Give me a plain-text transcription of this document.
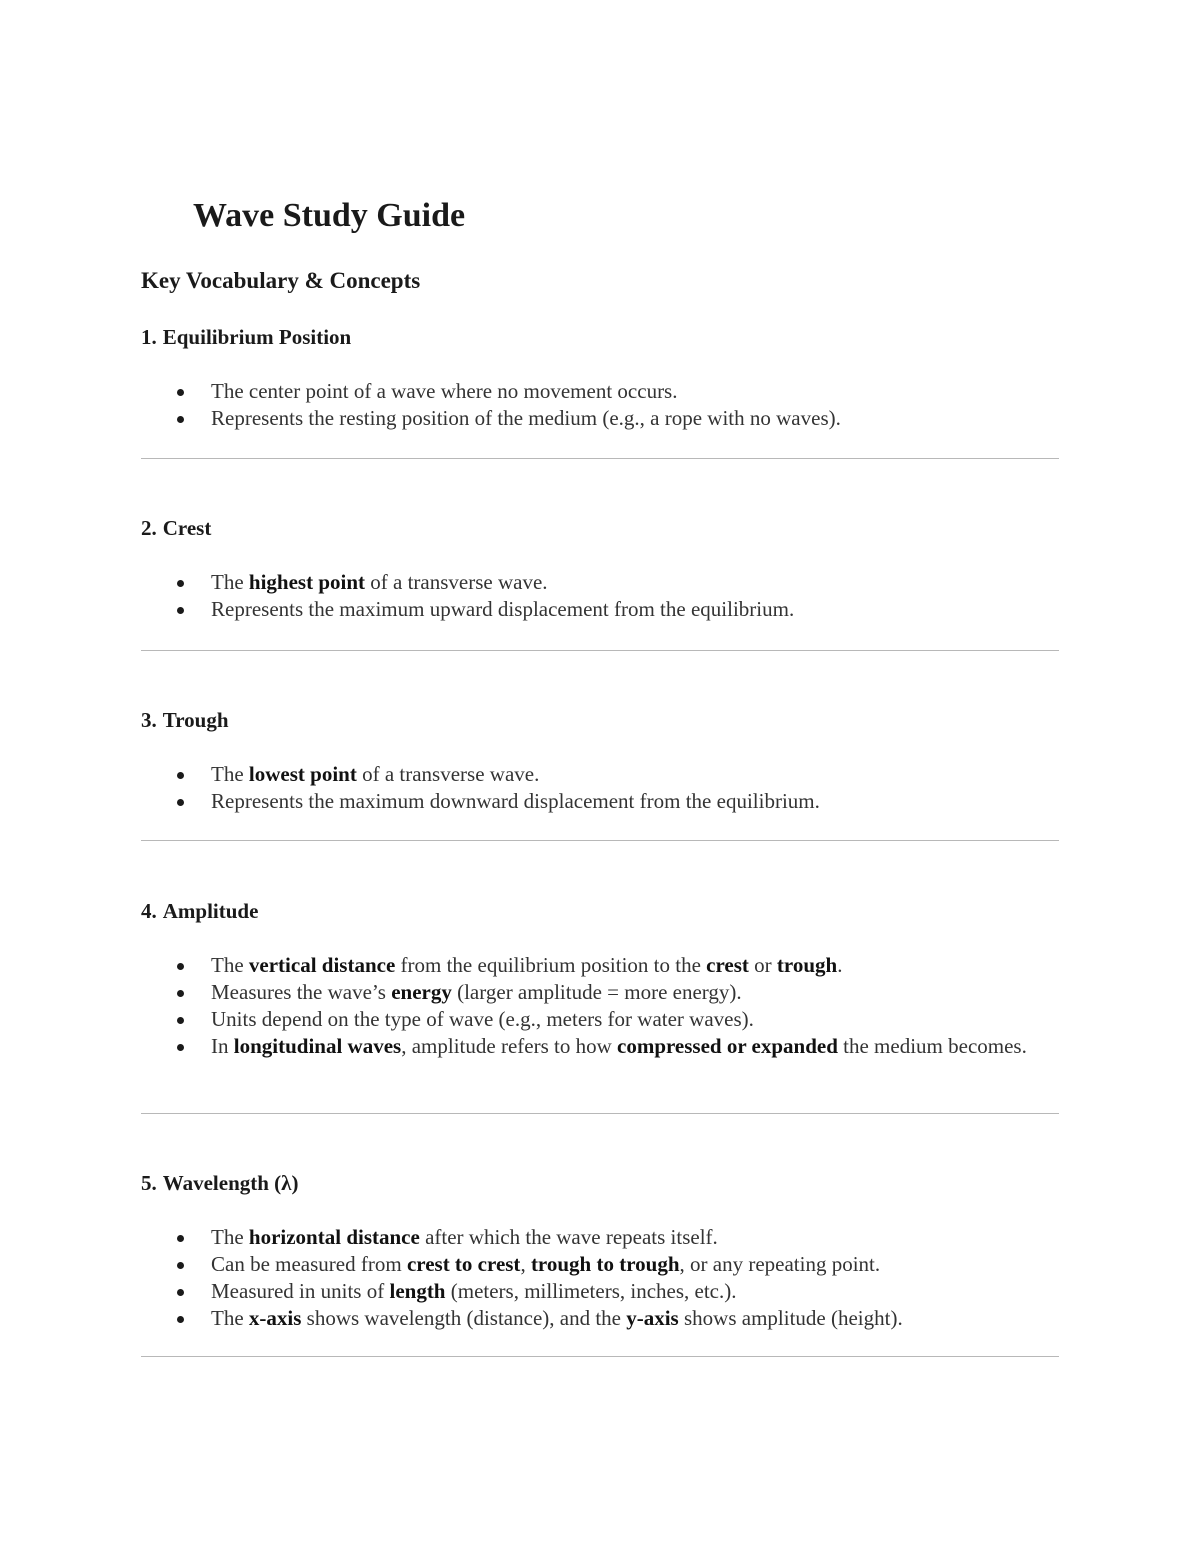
Wave Study Guide
Key Vocabulary & Concepts
1. Equilibrium Position
The center point of a wave where no movement occurs.
Represents the resting position of the medium (e.g., a rope with no waves).
2. Crest
The highest point of a transverse wave.
Represents the maximum upward displacement from the equilibrium.
3. Trough
The lowest point of a transverse wave.
Represents the maximum downward displacement from the equilibrium.
4. Amplitude
The vertical distance from the equilibrium position to the crest or trough.
Measures the wave’s energy (larger amplitude = more energy).
Units depend on the type of wave (e.g., meters for water waves).
In longitudinal waves, amplitude refers to how compressed or expanded the medium becomes.
5. Wavelength (λ)
The horizontal distance after which the wave repeats itself.
Can be measured from crest to crest, trough to trough, or any repeating point.
Measured in units of length (meters, millimeters, inches, etc.).
The x-axis shows wavelength (distance), and the y-axis shows amplitude (height).
